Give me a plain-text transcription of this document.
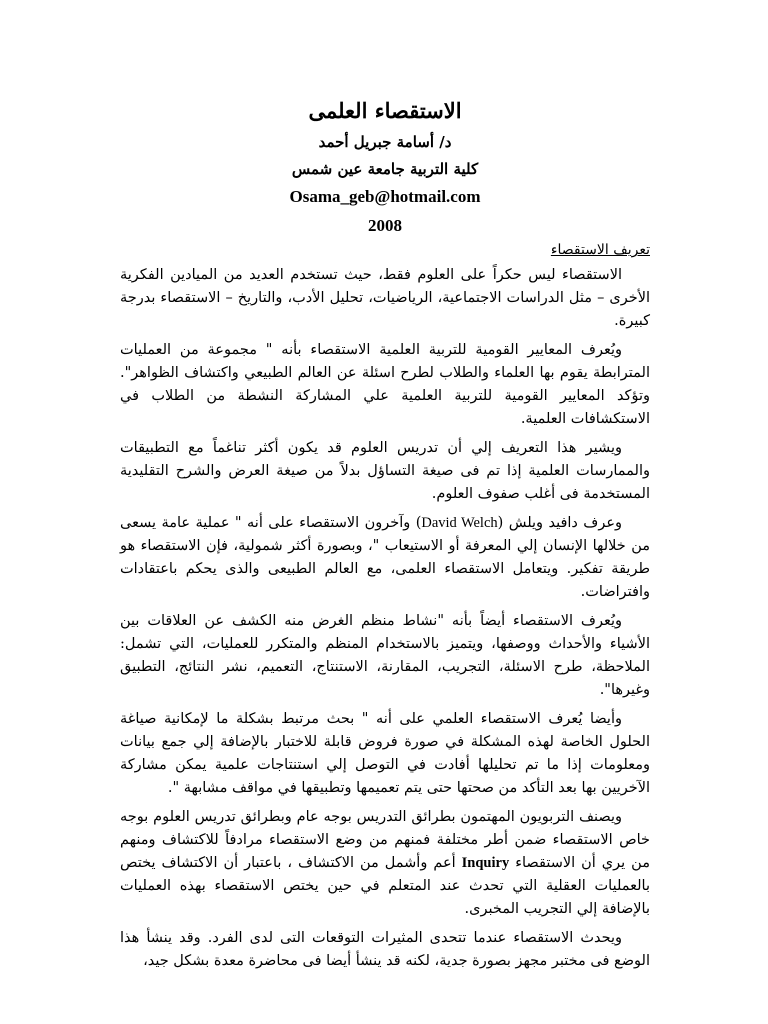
الاستقصاء العلمى
د/ أسامة جبريل أحمد
كلية التربية جامعة عين شمس
Osama_geb@hotmail.com
2008
تعريف الاستقصاء

الاستقصاء ليس حكراً على العلوم فقط، حيث تستخدم العديد من الميادين الفكرية الأخرى – مثل الدراسات الاجتماعية، الرياضيات، تحليل الأدب، والتاريخ – الاستقصاء بدرجة كبيرة.

ويُعرف المعايير القومية للتربية العلمية الاستقصاء بأنه " مجموعة من العمليات المترابطة يقوم بها العلماء والطلاب لطرح اسئلة عن العالم الطبيعي واكتشاف الظواهر". وتؤكد المعايير القومية للتربية العلمية علي المشاركة النشطة من الطلاب في الاستكشافات العلمية.

ويشير هذا التعريف إلي أن تدريس العلوم قد يكون أكثر تناغماً مع التطبيقات والممارسات العلمية إذا تم فى صيغة التساؤل بدلاً من صيغة العرض والشرح التقليدية المستخدمة فى أغلب صفوف العلوم.

وعرف دافيد ويلش (David Welch) وآخرون الاستقصاء على أنه " عملية عامة يسعى من خلالها الإنسان إلي المعرفة أو الاستيعاب "، وبصورة أكثر شمولية، فإن الاستقصاء هو طريقة تفكير. ويتعامل الاستقصاء العلمى، مع العالم الطبيعى والذى يحكم باعتقادات وافتراضات.

ويُعرف الاستقصاء أيضاً بأنه "نشاط منظم الغرض منه الكشف عن العلاقات بين الأشياء والأحداث ووصفها، ويتميز بالاستخدام المنظم والمتكرر للعمليات، التي تشمل: الملاحظة، طرح الاسئلة، التجريب، المقارنة، الاستنتاج، التعميم، نشر النتائج، التطبيق وغيرها".

وأيضا يُعرف الاستقصاء العلمي على أنه " بحث مرتبط بشكلة ما لإمكانية صياغة الحلول الخاصة لهذه المشكلة في صورة فروض قابلة للاختبار بالإضافة إلي جمع بيانات ومعلومات إذا ما تم تحليلها أفادت في التوصل إلي استنتاجات علمية يمكن مشاركة الآخريين بها بعد التأكد من صحتها حتى يتم تعميمها وتطبيقها في مواقف مشابهة ".

ويصنف التربويون المهتمون بطرائق التدريس بوجه عام وبطرائق تدريس العلوم بوجه خاص الاستقصاء ضمن أطر مختلفة فمنهم من وضع الاستقصاء مرادفاً للاكتشاف ومنهم من يري أن الاستقصاء Inquiry أعم وأشمل من الاكتشاف ، باعتبار أن الاكتشاف يختص بالعمليات العقلية التي تحدث عند المتعلم في حين يختص الاستقصاء بهذه العمليات بالإضافة إلي التجريب المخبرى.

ويحدث الاستقصاء عندما تتحدى المثيرات التوقعات التى لدى الفرد. وقد ينشأ هذا الوضع فى مختبر مجهز بصورة جدية، لكنه قد ينشأ أيضا فى محاضرة معدة بشكل جيد،
